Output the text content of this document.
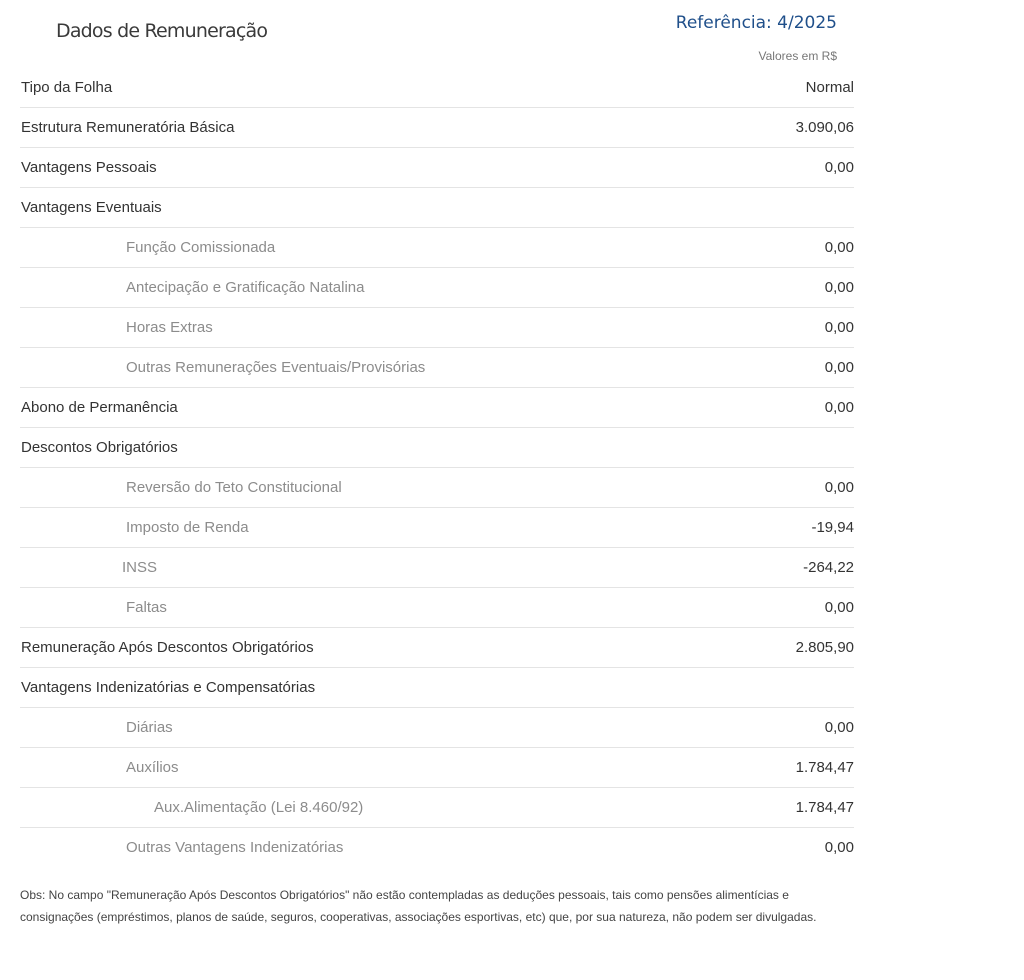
Dados de Remuneração	Referência: 4/2025
Valores em R$
Tipo da Folha	Normal
Estrutura Remuneratória Básica	3.090,06
Vantagens Pessoais	0,00
Vantagens Eventuais
Função Comissionada	0,00
Antecipação e Gratificação Natalina	0,00
Horas Extras	0,00
Outras Remunerações Eventuais/Provisórias	0,00
Abono de Permanência	0,00
Descontos Obrigatórios
Reversão do Teto Constitucional	0,00
Imposto de Renda	-19,94
INSS	-264,22
Faltas	0,00
Remuneração Após Descontos Obrigatórios	2.805,90
Vantagens Indenizatórias e Compensatórias
Diárias	0,00
Auxílios	1.784,47
Aux.Alimentação (Lei 8.460/92)	1.784,47
Outras Vantagens Indenizatórias	0,00

Obs: No campo "Remuneração Após Descontos Obrigatórios" não estão contempladas as deduções pessoais, tais como pensões alimentícias e consignações (empréstimos, planos de saúde, seguros, cooperativas, associações esportivas, etc) que, por sua natureza, não podem ser divulgadas.
